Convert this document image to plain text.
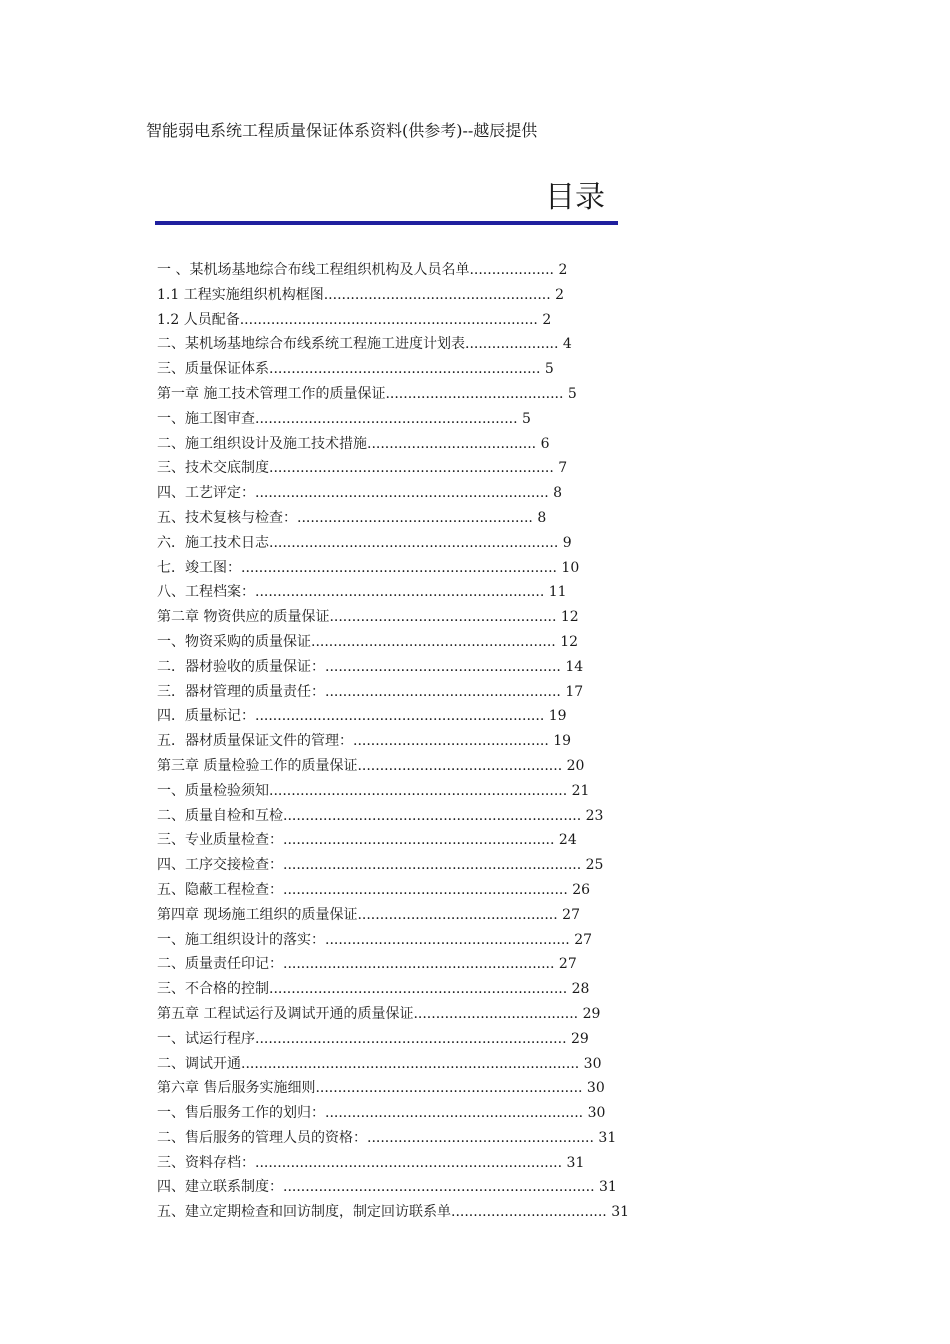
智能弱电系统工程质量保证体系资料(供参考)--越辰提供
目录
一 、某机场基地综合布线工程组织机构及人员名单................... 2
1.1 工程实施组织机构框图................................................... 2
1.2 人员配备................................................................... 2
二、某机场基地综合布线系统工程施工进度计划表..................... 4
三、质量保证体系............................................................. 5
第一章 施工技术管理工作的质量保证........................................ 5
一、施工图审查........................................................... 5
二、施工组织设计及施工技术措施...................................... 6
三、技术交底制度................................................................ 7
四、工艺评定：.................................................................. 8
五、技术复核与检查：..................................................... 8
六．施工技术日志................................................................. 9
七．竣工图：....................................................................... 10
八、工程档案：................................................................. 11
第二章 物资供应的质量保证................................................... 12
一、物资采购的质量保证....................................................... 12
二．器材验收的质量保证：..................................................... 14
三．器材管理的质量责任：..................................................... 17
四．质量标记：................................................................. 19
五．器材质量保证文件的管理：............................................ 19
第三章 质量检验工作的质量保证.............................................. 20
一、质量检验须知................................................................... 21
二、质量自检和互检................................................................... 23
三、专业质量检查：............................................................. 24
四、工序交接检查：................................................................... 25
五、隐蔽工程检查：................................................................ 26
第四章 现场施工组织的质量保证............................................. 27
一、施工组织设计的落实：....................................................... 27
二、质量责任印记：............................................................. 27
三、不合格的控制................................................................... 28
第五章 工程试运行及调试开通的质量保证..................................... 29
一、试运行程序...................................................................... 29
二、调试开通............................................................................ 30
第六章 售后服务实施细则............................................................ 30
一、售后服务工作的划归：.......................................................... 30
二、售后服务的管理人员的资格：................................................... 31
三、资料存档：..................................................................... 31
四、建立联系制度：...................................................................... 31
五、建立定期检查和回访制度，制定回访联系单................................... 31
